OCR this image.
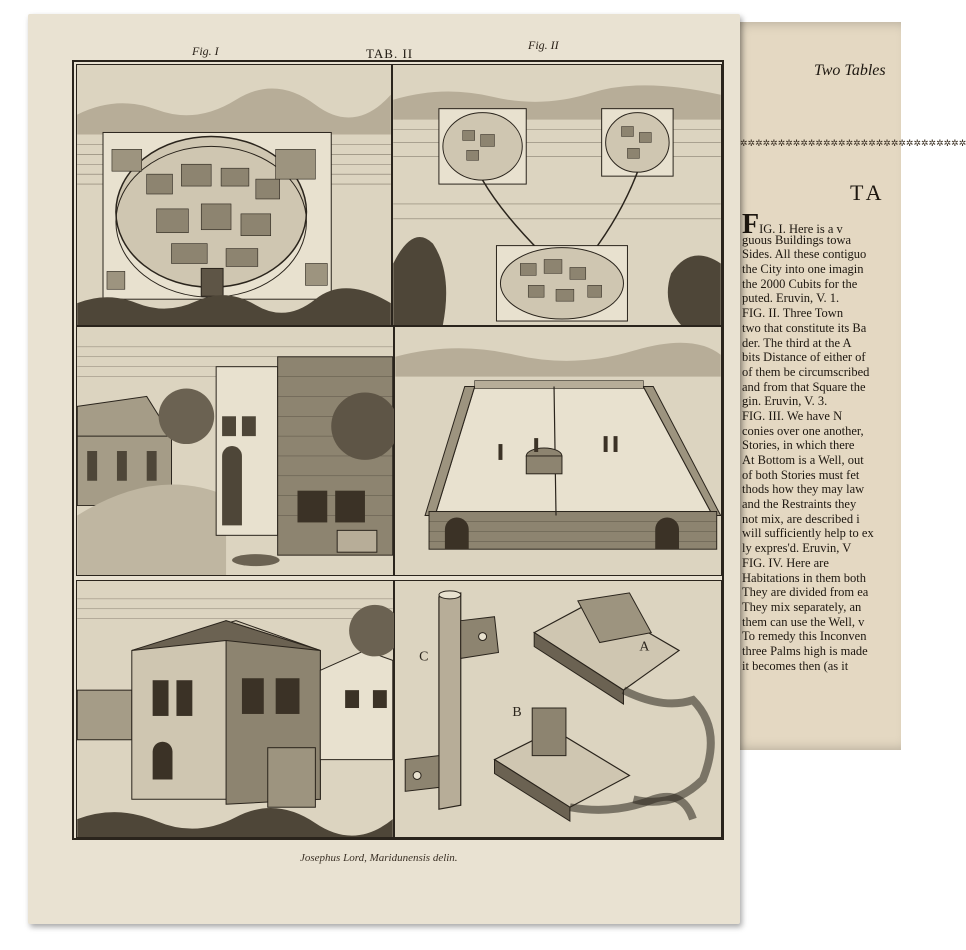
Two Tables
✲✲✲✲✲✲✲✲✲✲✲✲✲✲✲✲✲✲✲✲✲✲✲✲✲✲✲✲✲✲
TA
FIG. I. Here is a v
guous Buildings towa
Sides. All these contiguo
the City into one imagin
the 2000 Cubits for the
puted. Eruvin, V. 1.
FIG. II. Three Town
two that constitute its Ba
der. The third at the A
bits Distance of either of
of them be circumscribed
and from that Square the
gin. Eruvin, V. 3.
FIG. III. We have N
conies over one another,
Stories, in which there
At Bottom is a Well, out
of both Stories must fet
thods how they may law
and the Restraints they
not mix, are described i
will sufficiently help to ex
ly expres'd. Eruvin, V
FIG. IV. Here are
Habitations in them both
They are divided from ea
They mix separately, an
them can use the Well, v
To remedy this Inconven
three Palms high is made
it becomes then (as it
Fig. I	TAB. II
Fig. II
A
B
C
Josephus Lord, Maridunensis delin.
